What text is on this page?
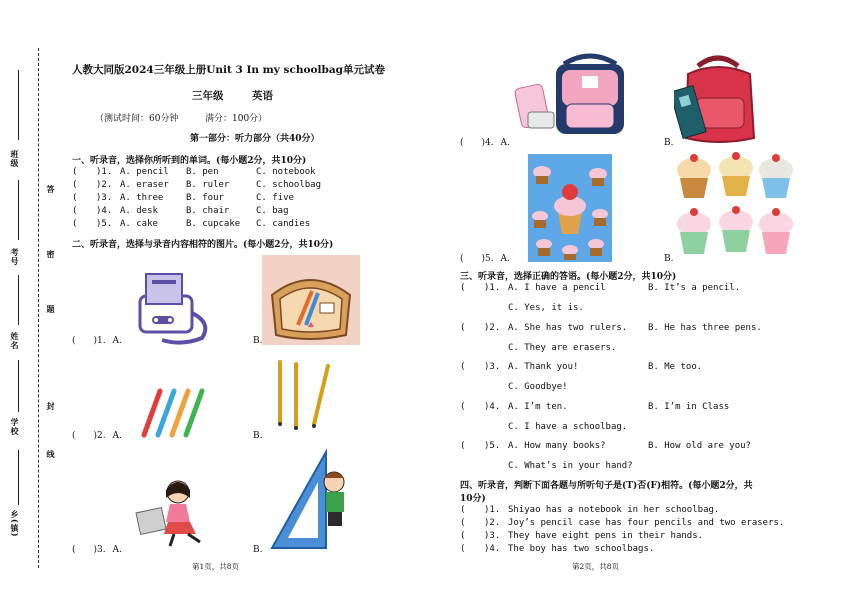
班级
考号
姓名
学校
乡(镇)
答
密
题
封
线
人教大同版2024三年级上册Unit 3 In my schoolbag单元试卷
三年级	英语
（测试时间：60分钟	满分：100分）
第一部分：听力部分（共40分）
一、听录音，选择你所听到的单词。(每小题2分，共10分)
( )1. A. pencil B. pen	C. notebook
( )2. A. eraser B. ruler	C. schoolbag
( )3. A. three	B. four	C. five
( )4. A. desk	B. chair	C. bag
( )5. A. cake	B. cupcake C. candies
二、听录音，选择与录音内容相符的图片。(每小题2分，共10分)
( )1. A.	B.
( )2. A.	B.
( )3. A.	B.
第1页，共8页
( )4. A.	B.
( )5. A.	B.
三、听录音，选择正确的答语。(每小题2分，共10分)
( )1. A. I have a pencil	B. It’s a pencil.
C. Yes, it is.
( )2. A. She has two rulers. B. He has three pens.
C. They are erasers.
( )3. A. Thank you!	B. Me too.
C. Goodbye!
( )4. A. I’m ten.	B. I’m in Class
C. I have a schoolbag.
( )5. A. How many books?	B. How old are you?
C. What’s in your hand?
四、听录音，判断下面各题与所听句子是(T)否(F)相符。(每小题2分，共
10分)
( )1. Shiyao has a notebook in her schoolbag.
( )2. Joy’s pencil case has four pencils and two erasers.
( )3. They have eight pens in their hands.
( )4. The boy has two schoolbags.
第2页，共8页
